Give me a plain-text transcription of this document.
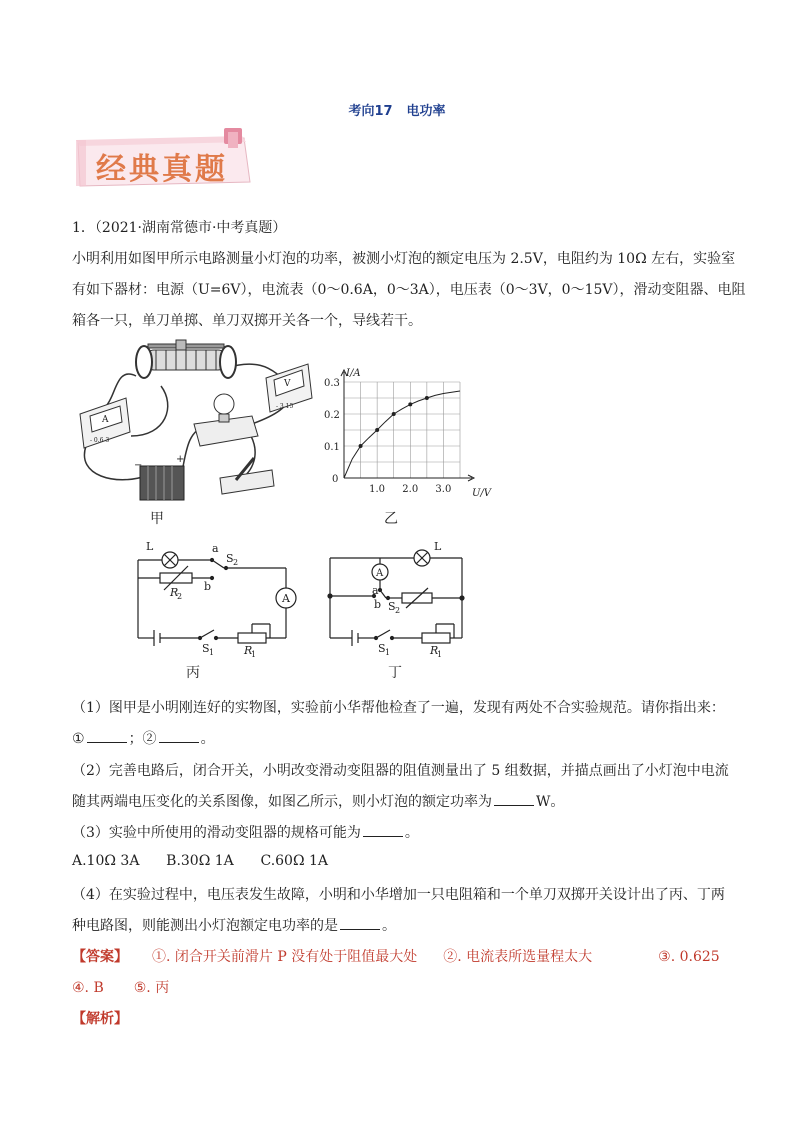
考向17 电功率
经典真题
1．（2021·湖南常德市·中考真题）
小明利用如图甲所示电路测量小灯泡的功率，被测小灯泡的额定电压为 2.5V，电阻约为 10Ω 左右，实验室
有如下器材：电源（U=6V），电流表（0～0.6A，0～3A），电压表（0～3V，0～15V），滑动变阻器、电阻
箱各一只，单刀单掷、单刀双掷开关各一个，导线若干。
A
- 0.6 3
V
- 3 15
−
+
甲
1.0 2.0 3.0
0.1
0.2
0.3
0
U/V
I/A
乙
L	a
S 2
b
R
2	A
S 1	R
1
丙
L
A
a
b S 2
S 1	R
1
丁
（1）图甲是小明刚连好的实物图，实验前小华帮他检查了一遍，发现有两处不合实验规范。请你指出来：
①	；②	。
（2）完善电路后，闭合开关，小明改变滑动变阻器的阻值测量出了 5 组数据，并描点画出了小灯泡中电流
随其两端电压变化的关系图像，如图乙所示，则小灯泡的额定功率为	W。
（3）实验中所使用的滑动变阻器的规格可能为	。
A.10Ω 3A      B.30Ω 1A      C.60Ω 1A
（4）在实验过程中，电压表发生故障，小明和小华增加一只电阻箱和一个单刀双掷开关设计出了丙、丁两
种电路图，则能测出小灯泡额定电功率的是	。
【答案】 ①. 闭合开关前滑片 P 没有处于阻值最大处 ②. 电流表所选量程太大	③. 0.625
④. B ⑤. 丙
【解析】
